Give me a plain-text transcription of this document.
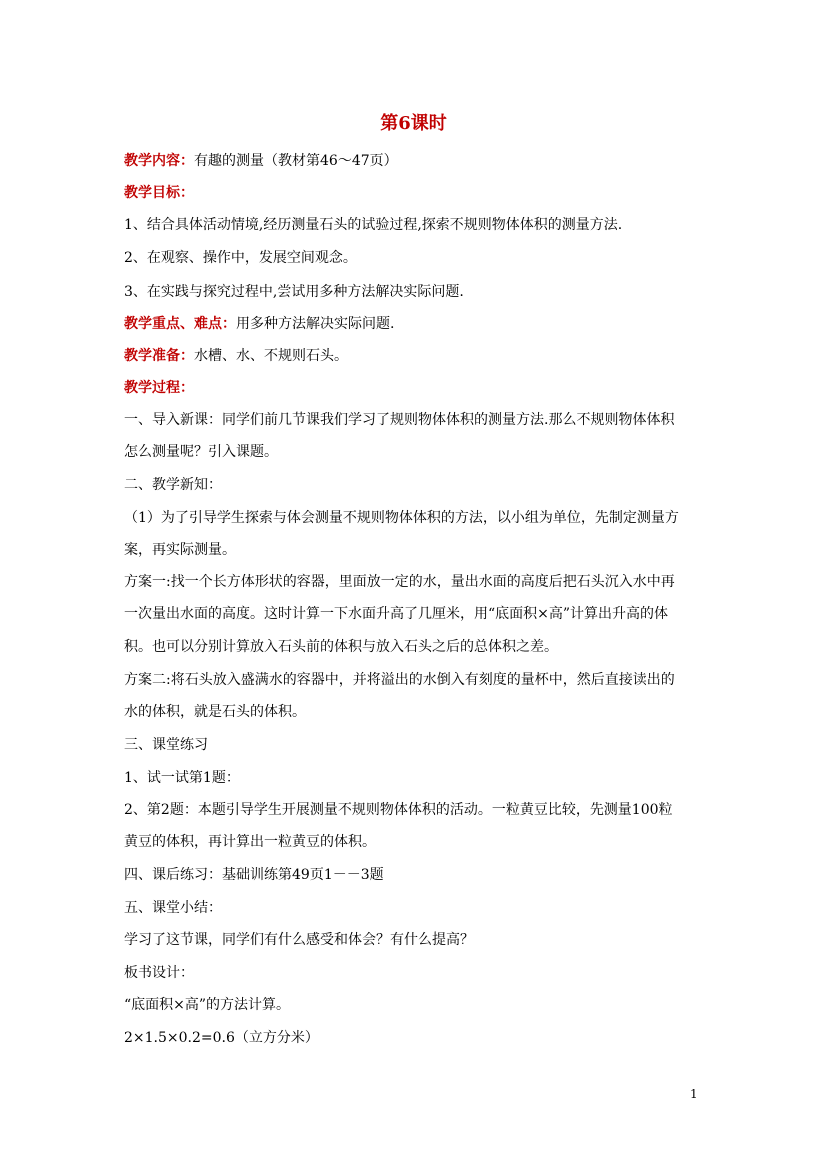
第6课时
教学内容：有趣的测量（教材第46～47页）
教学目标：
1、结合具体活动情境,经历测量石头的试验过程,探索不规则物体体积的测量方法.
2、在观察、操作中，发展空间观念。
3、在实践与探究过程中,尝试用多种方法解决实际问题.
教学重点、难点：用多种方法解决实际问题.
教学准备：水槽、水、不规则石头。
教学过程：
一、导入新课：同学们前几节课我们学习了规则物体体积的测量方法.那么不规则物体体积
怎么测量呢？引入课题。
二、教学新知：
（1）为了引导学生探索与体会测量不规则物体体积的方法，以小组为单位，先制定测量方
案，再实际测量。
方案一:找一个长方体形状的容器，里面放一定的水，量出水面的高度后把石头沉入水中再
一次量出水面的高度。这时计算一下水面升高了几厘米，用“底面积×高”计算出升高的体
积。也可以分别计算放入石头前的体积与放入石头之后的总体积之差。
方案二:将石头放入盛满水的容器中，并将溢出的水倒入有刻度的量杯中，然后直接读出的
水的体积，就是石头的体积。
三、课堂练习
1、试一试第1题：
2、第2题：本题引导学生开展测量不规则物体体积的活动。一粒黄豆比较，先测量100粒
黄豆的体积，再计算出一粒黄豆的体积。
四、课后练习：基础训练第49页1－－3题
五、课堂小结：
学习了这节课，同学们有什么感受和体会？有什么提高？
板书设计：
“底面积×高”的方法计算。
2×1.5×0.2=0.6（立方分米）
1
